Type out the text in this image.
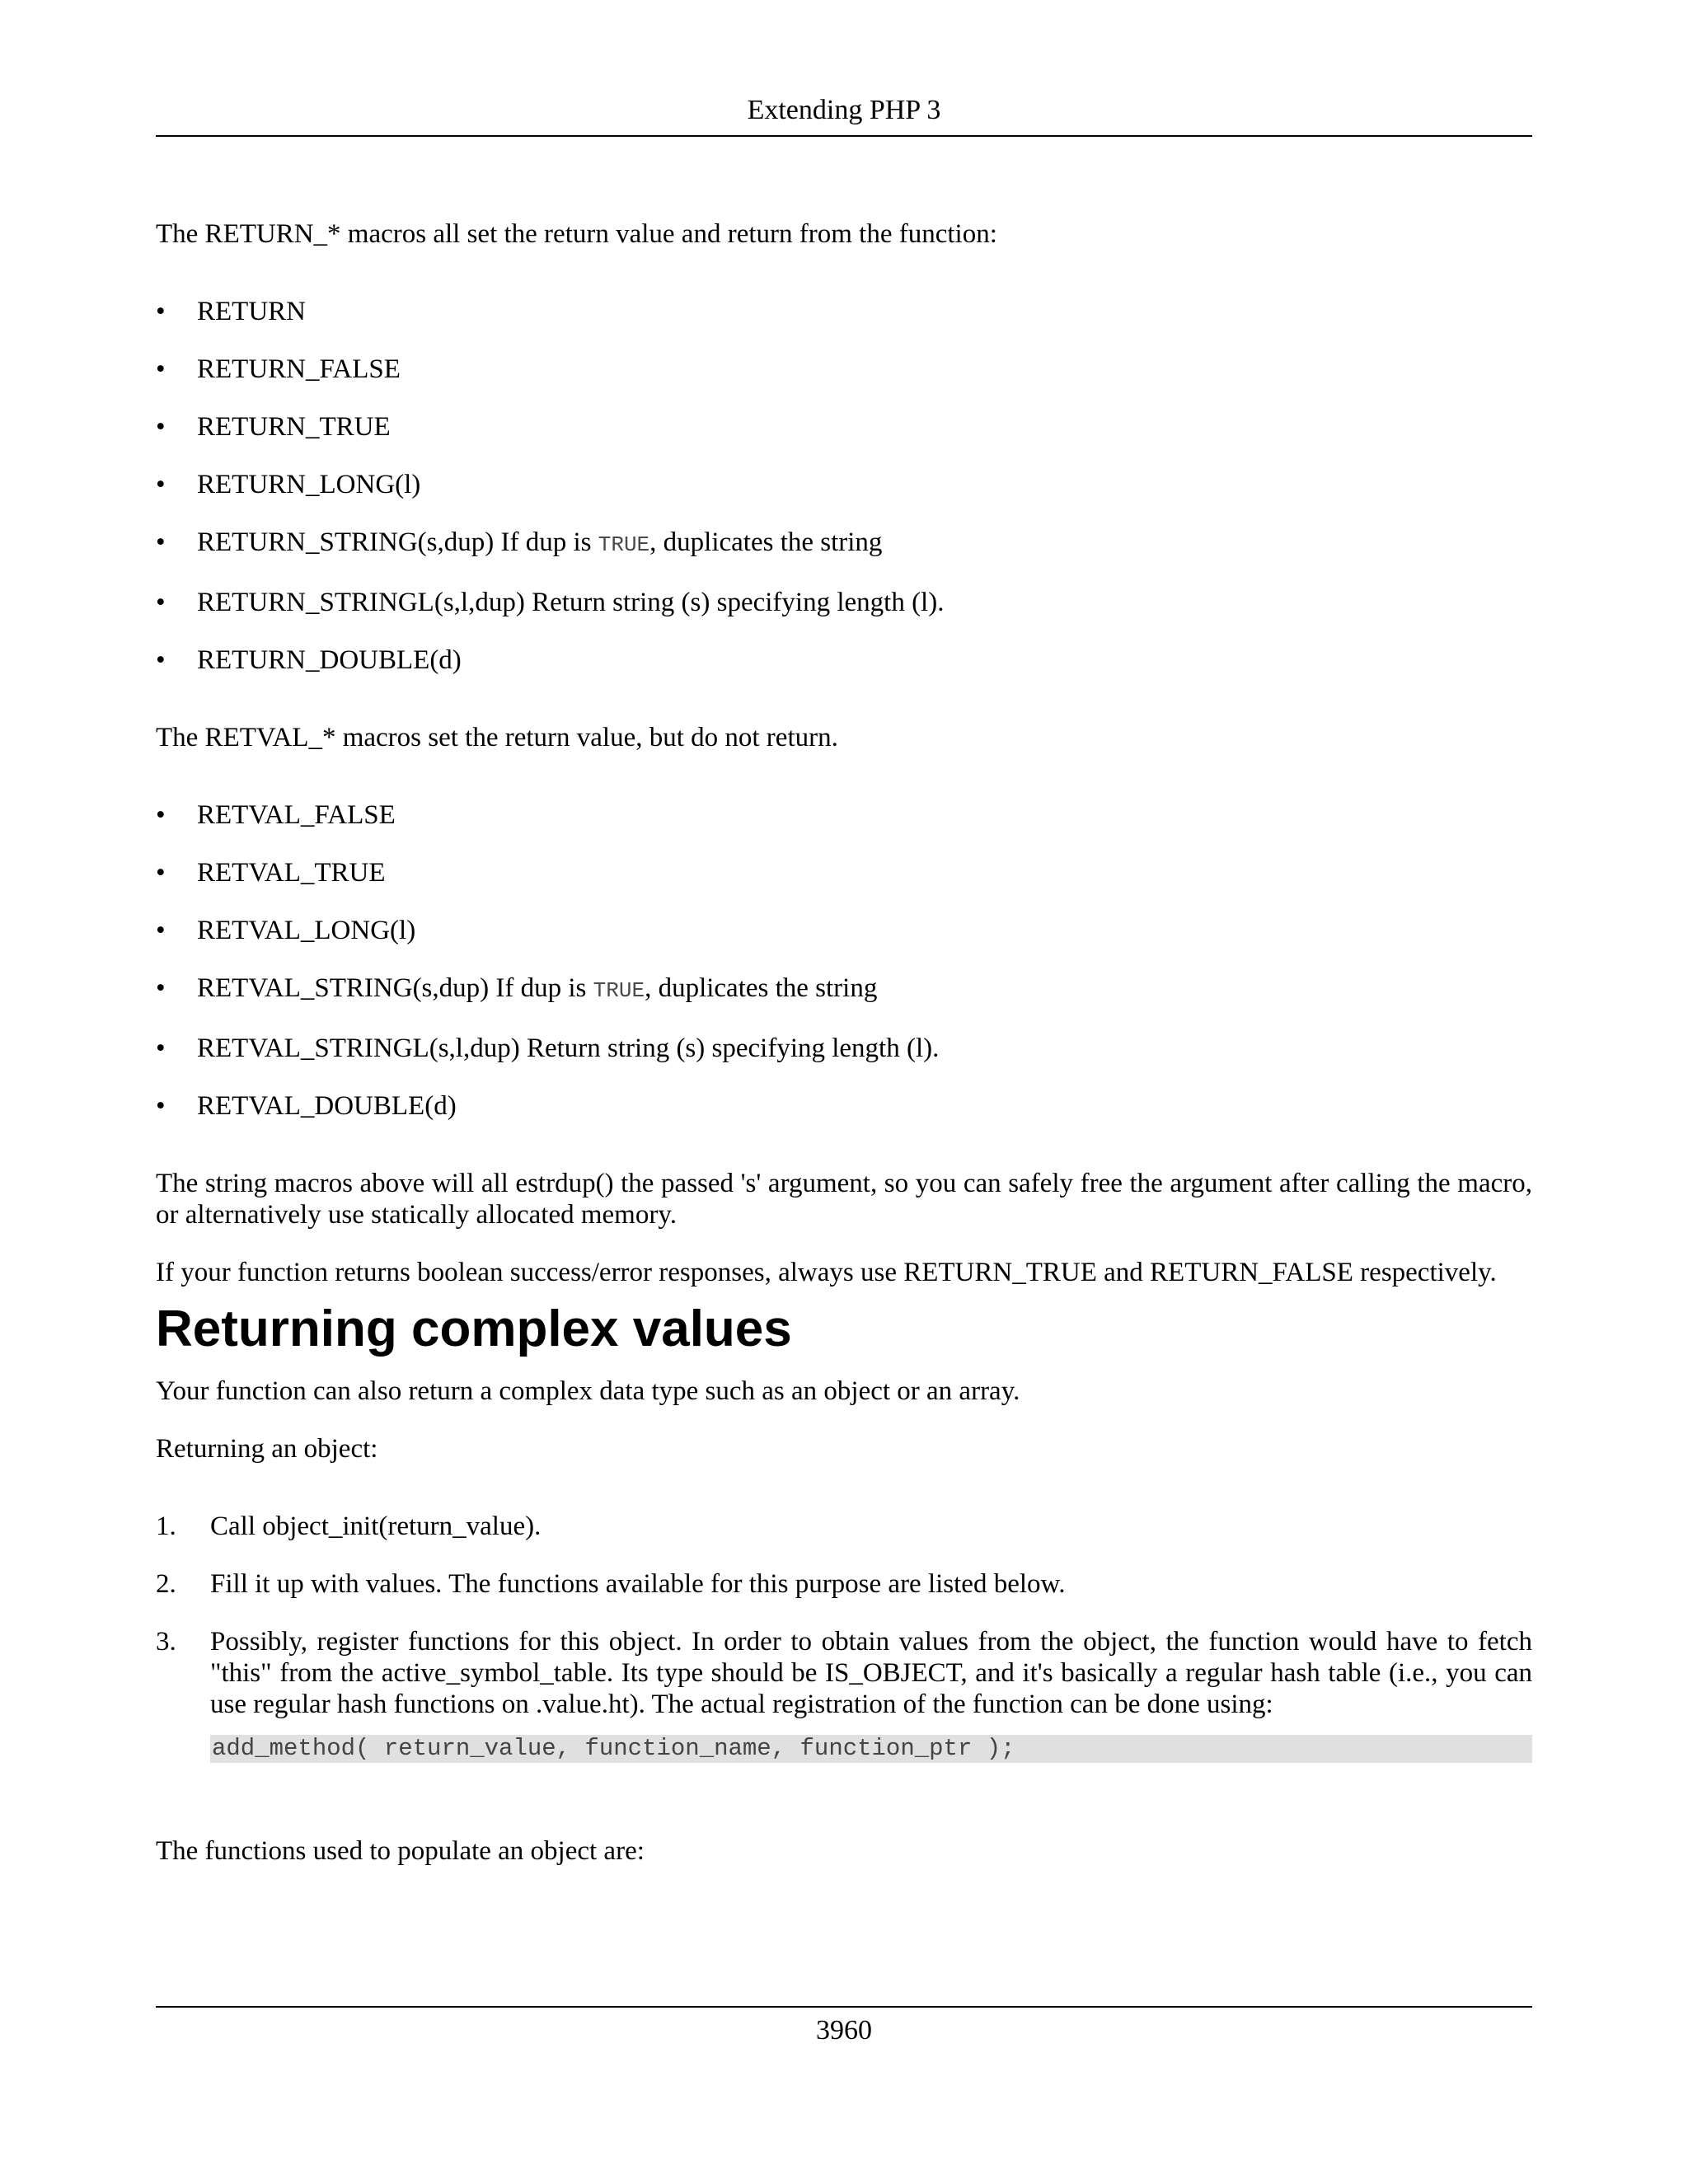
Extending PHP 3

The RETURN_* macros all set the return value and return from the function:

• RETURN
• RETURN_FALSE
• RETURN_TRUE
• RETURN_LONG(l)
• RETURN_STRING(s,dup) If dup is TRUE, duplicates the string
• RETURN_STRINGL(s,l,dup) Return string (s) specifying length (l).
• RETURN_DOUBLE(d)

The RETVAL_* macros set the return value, but do not return.

• RETVAL_FALSE
• RETVAL_TRUE
• RETVAL_LONG(l)
• RETVAL_STRING(s,dup) If dup is TRUE, duplicates the string
• RETVAL_STRINGL(s,l,dup) Return string (s) specifying length (l).
• RETVAL_DOUBLE(d)

The string macros above will all estrdup() the passed 's' argument, so you can safely free the argument after calling the macro, or alternatively use statically allocated memory.

If your function returns boolean success/error responses, always use RETURN_TRUE and RETURN_FALSE respectively.

Returning complex values

Your function can also return a complex data type such as an object or an array.

Returning an object:

1. Call object_init(return_value).
2. Fill it up with values. The functions available for this purpose are listed below.
3. Possibly, register functions for this object. In order to obtain values from the object, the function would have to fetch "this" from the active_symbol_table. Its type should be IS_OBJECT, and it's basically a regular hash table (i.e., you can use regular hash functions on .value.ht). The actual registration of the function can be done using:
add_method( return_value, function_name, function_ptr );

The functions used to populate an object are:

3960
